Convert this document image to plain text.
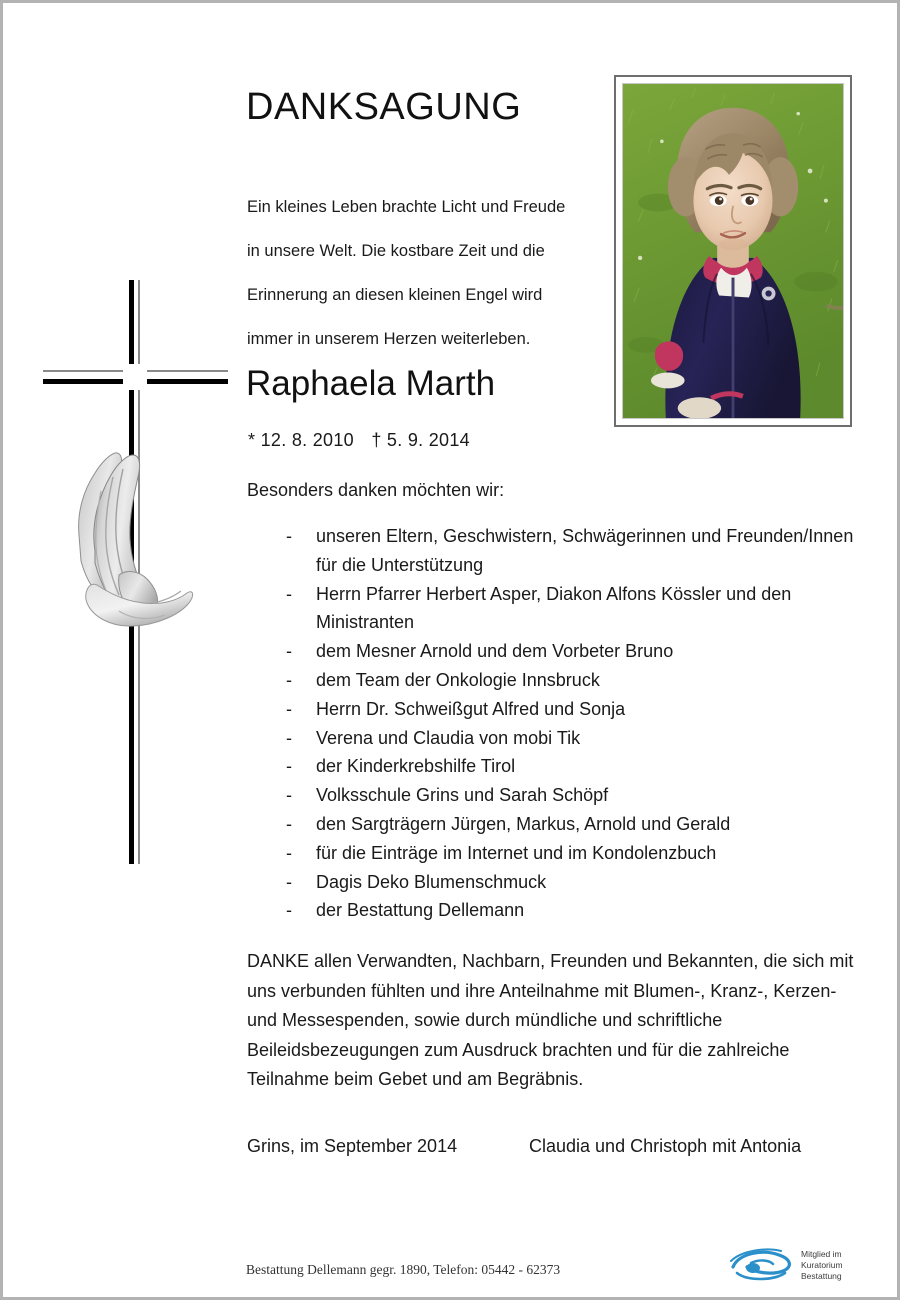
DANKSAGUNG
Ein kleines Leben brachte Licht und Freude
in unsere Welt. Die kostbare Zeit und die
Erinnerung an diesen kleinen Engel wird
immer in unserem Herzen weiterleben.
Raphaela Marth
* 12. 8. 2010 † 5. 9. 2014
Besonders danken möchten wir:
- unseren Eltern, Geschwistern, Schwägerinnen und Freunden/Innen für die Unterstützung
- Herrn Pfarrer Herbert Asper, Diakon Alfons Kössler und den Ministranten
- dem Mesner Arnold und dem Vorbeter Bruno
- dem Team der Onkologie Innsbruck
- Herrn Dr. Schweißgut Alfred und Sonja
- Verena und Claudia von mobi Tik
- der Kinderkrebshilfe Tirol
- Volksschule Grins und Sarah Schöpf
- den Sargträgern Jürgen, Markus, Arnold und Gerald
- für die Einträge im Internet und im Kondolenzbuch
- Dagis Deko Blumenschmuck
- der Bestattung Dellemann
DANKE allen Verwandten, Nachbarn, Freunden und Bekannten, die sich mit uns verbunden fühlten und ihre Anteilnahme mit Blumen-, Kranz-, Kerzen- und Messespenden, sowie durch mündliche und schriftliche Beileidsbezeugungen zum Ausdruck brachten und für die zahlreiche Teilnahme beim Gebet und am Begräbnis.
Grins, im September 2014	Claudia und Christoph mit Antonia
Bestattung Dellemann gegr. 1890, Telefon: 05442 - 62373
Mitglied im
Kuratorium Bestattung
